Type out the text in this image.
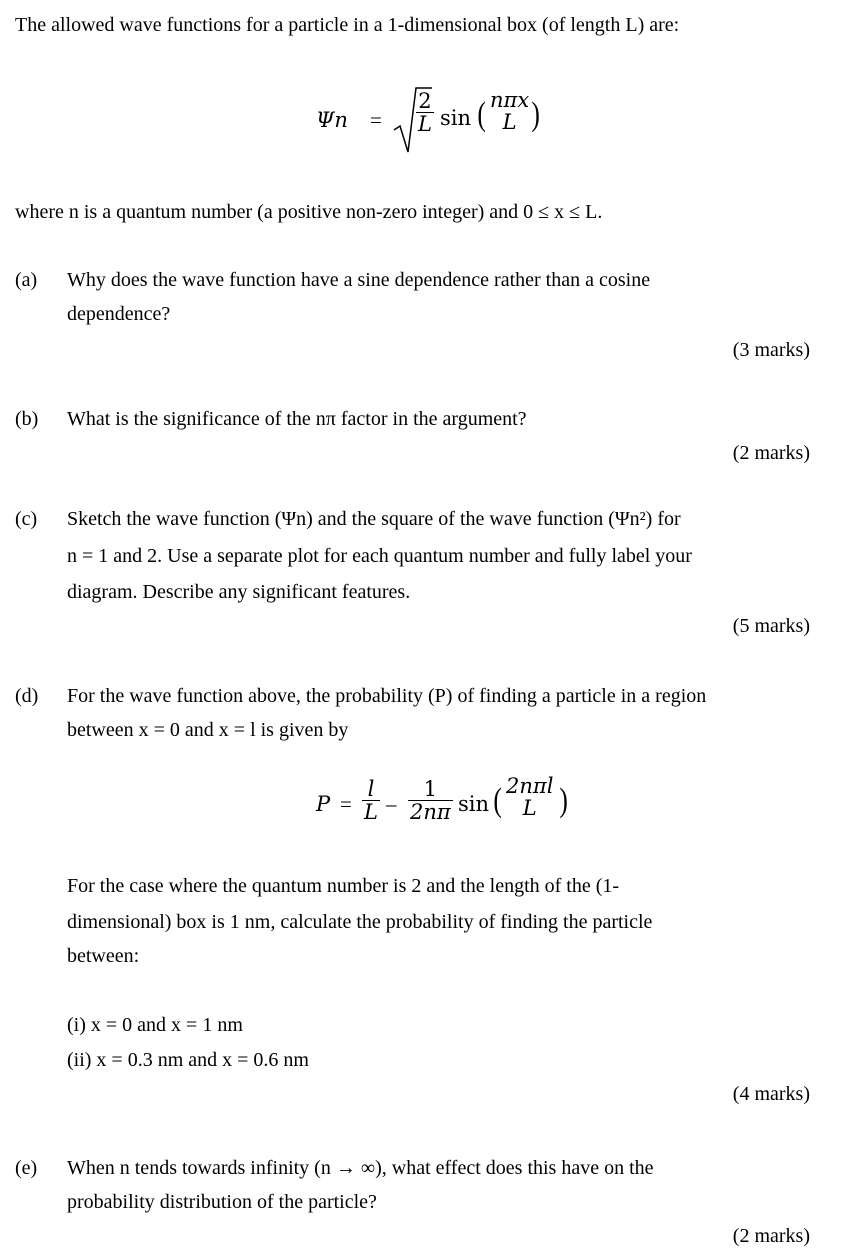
The allowed wave functions for a particle in a 1-dimensional box (of length L) are:
$\Psi n = \frac{2}{L}$ sin ( nπx
L )
where n is a quantum number (a positive non-zero integer) and 0 ≤ x ≤ L.
(a) Why does the wave function have a sine dependence rather than a cosine
dependence?
(3 marks)
(b) What is the significance of the nπ factor in the argument?
(2 marks)
(c) Sketch the wave function (Ψn) and the square of the wave function (Ψn²) for
n = 1 and 2. Use a separate plot for each quantum number and fully label your
diagram. Describe any significant features.
(5 marks)
(d) For the wave function above, the probability (P) of finding a particle in a region
between x = 0 and x = l is given by
$P = \frac{l}{L} - \frac{1}{2n\pi}$ sin ( 2nπl
L )
For the case where the quantum number is 2 and the length of the (1-
dimensional) box is 1 nm, calculate the probability of finding the particle
between:
(i) x = 0 and x = 1 nm
(ii) x = 0.3 nm and x = 0.6 nm
(4 marks)
(e) When n tends towards infinity (n → ∞), what effect does this have on the
probability distribution of the particle?
(2 marks)
